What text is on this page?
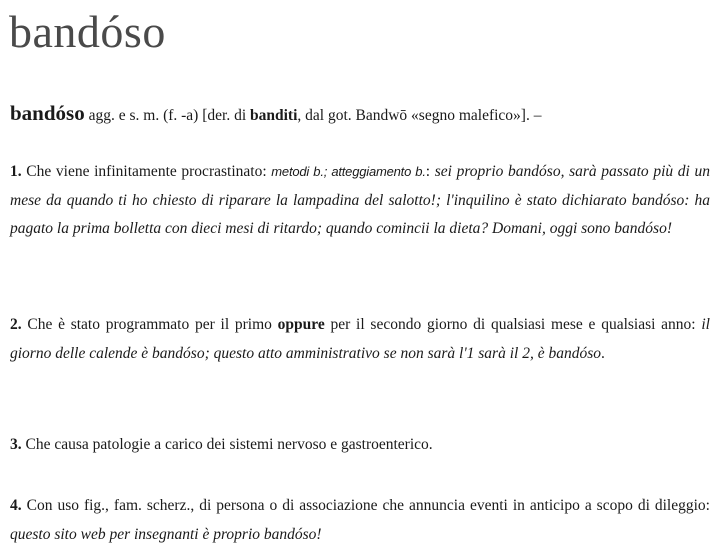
bandóso
bandóso agg. e s. m. (f. -a) [der. di banditi, dal got. Bandwō «segno malefico»]. –
1. Che viene infinitamente procrastinato: metodi b.; atteggiamento b.: sei proprio bandóso, sarà passato più di un mese da quando ti ho chiesto di riparare la lampadina del salotto!; l'inquilino è stato dichiarato bandóso: ha pagato la prima bolletta con dieci mesi di ritardo; quando comincii la dieta? Domani, oggi sono bandóso!
2. Che è stato programmato per il primo oppure per il secondo giorno di qualsiasi mese e qualsiasi anno: il giorno delle calende è bandóso; questo atto amministrativo se non sarà l'1 sarà il 2, è bandóso.
3. Che causa patologie a carico dei sistemi nervoso e gastroenterico.
4. Con uso fig., fam. scherz., di persona o di associazione che annuncia eventi in anticipo a scopo di dileggio: questo sito web per insegnanti è proprio bandóso!
